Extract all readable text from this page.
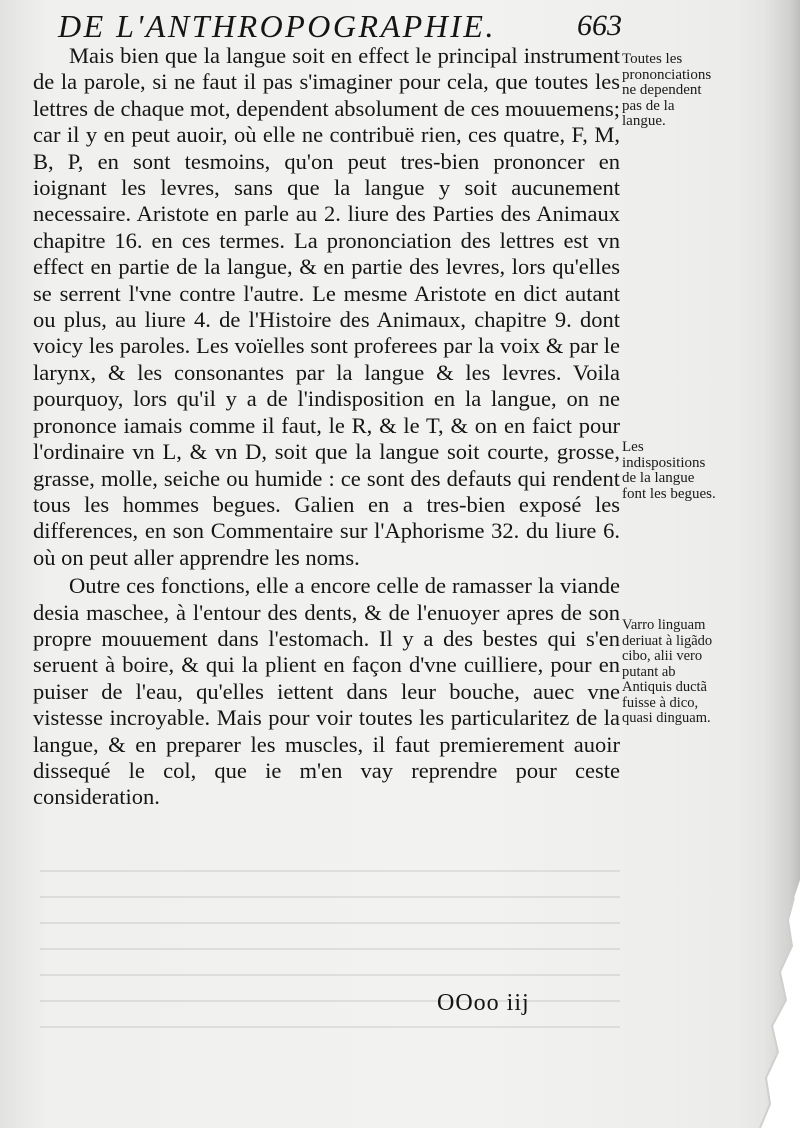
DE L'ANTHROPOGRAPHIE.	663

Mais bien que la langue soit en effect le principal instrument de la parole, si ne faut il pas s'imaginer pour cela, que toutes les lettres de chaque mot, dependent absolument de ces mouuemens; car il y en peut auoir, où elle ne contribuë rien, ces quatre, F, M, B, P, en sont tesmoins, qu'on peut tres-bien prononcer en ioignant les levres, sans que la langue y soit aucunement necessaire. Aristote en parle au 2. liure des Parties des Animaux chapitre 16. en ces termes. La prononciation des lettres est vn effect en partie de la langue, & en partie des levres, lors qu'elles se serrent l'vne contre l'autre. Le mesme Aristote en dict autant ou plus, au liure 4. de l'Histoire des Animaux, chapitre 9. dont voicy les paroles. Les voïelles sont proferees par la voix & par le larynx, & les consonantes par la langue & les levres. Voila pourquoy, lors qu'il y a de l'indisposition en la langue, on ne prononce iamais comme il faut, le R, & le T, & on en faict pour l'ordinaire vn L, & vn D, soit que la langue soit courte, grosse, grasse, molle, seiche ou humide : ce sont des defauts qui rendent tous les hommes begues. Galien en a tres-bien exposé les differences, en son Commentaire sur l'Aphorisme 32. du liure 6. où on peut aller apprendre les noms.

Outre ces fonctions, elle a encore celle de ramasser la viande desia maschee, à l'entour des dents, & de l'enuoyer apres de son propre mouuement dans l'estomach. Il y a des bestes qui s'en seruent à boire, & qui la plient en façon d'vne cuilliere, pour en puiser de l'eau, qu'elles iettent dans leur bouche, auec vne vistesse incroyable. Mais pour voir toutes les particularitez de la langue, & en preparer les muscles, il faut premierement auoir dissequé le col, que ie m'en vay reprendre pour ceste consideration.

Toutes les prononciations ne dependent pas de la langue.
Les indispositions de la langue font les begues.
Varro linguam deriuat à ligãdo cibo, alii vero putant ab Antiquis ductã fuisse à dico, quasi dinguam.
OOoo iij
